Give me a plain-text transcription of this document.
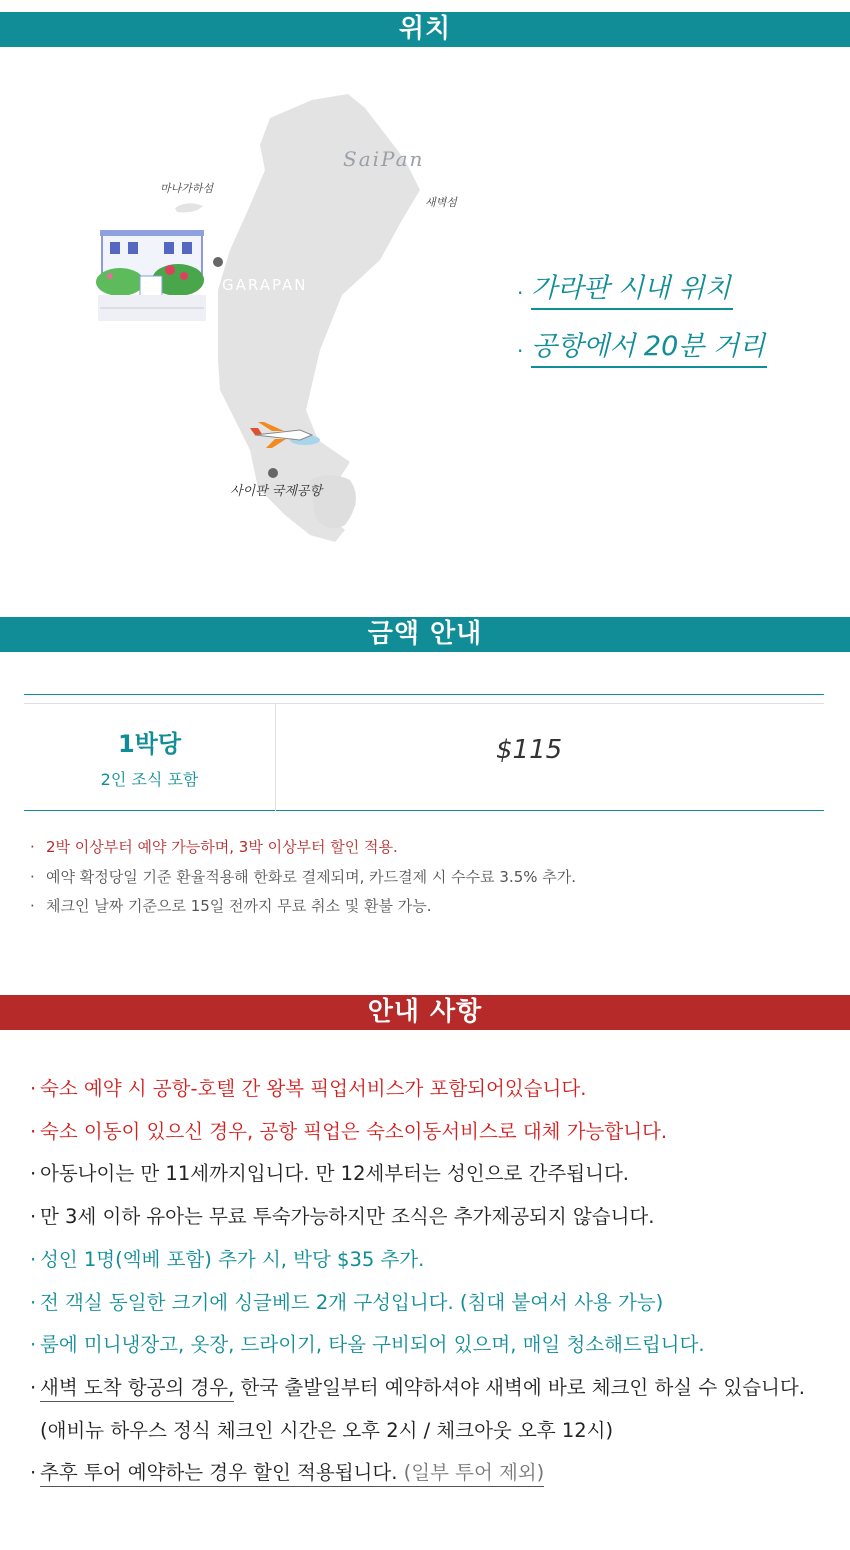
위치
SaiPan
마나가하섬
새벽섬
GARAPAN
사이판 국제공항
· 가라판 시내 위치
· 공항에서 20분 거리
금액 안내
1박당
2인 조식 포함
$115
· 2박 이상부터 예약 가능하며, 3박 이상부터 할인 적용.
· 예약 확정당일 기준 환율적용해 한화로 결제되며, 카드결제 시 수수료 3.5% 추가.
· 체크인 날짜 기준으로 15일 전까지 무료 취소 및 환불 가능.
안내 사항
· 숙소 예약 시 공항-호텔 간 왕복 픽업서비스가 포함되어있습니다.
· 숙소 이동이 있으신 경우, 공항 픽업은 숙소이동서비스로 대체 가능합니다.
· 아동나이는 만 11세까지입니다. 만 12세부터는 성인으로 간주됩니다.
· 만 3세 이하 유아는 무료 투숙가능하지만 조식은 추가제공되지 않습니다.
· 성인 1명(엑베 포함) 추가 시, 박당 $35 추가.
· 전 객실 동일한 크기에 싱글베드 2개 구성입니다. (침대 붙여서 사용 가능)
· 룸에 미니냉장고, 옷장, 드라이기, 타올 구비되어 있으며, 매일 청소해드립니다.
· 새벽 도착 항공의 경우, 한국 출발일부터 예약하셔야 새벽에 바로 체크인 하실 수 있습니다.
(애비뉴 하우스 정식 체크인 시간은 오후 2시 / 체크아웃 오후 12시)
· 추후 투어 예약하는 경우 할인 적용됩니다. (일부 투어 제외)
